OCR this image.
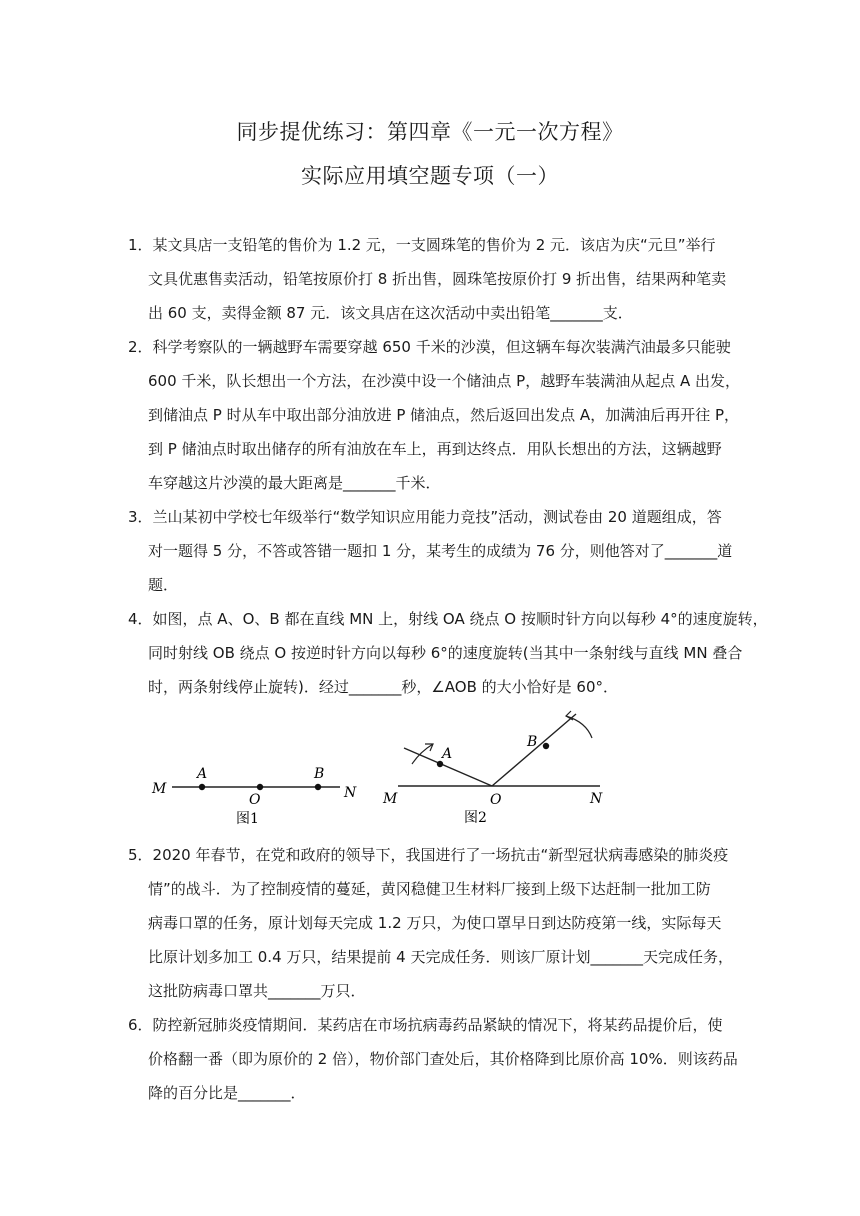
同步提优练习：第四章《一元一次方程》
实际应用填空题专项（一）
1．某文具店一支铅笔的售价为 1.2 元，一支圆珠笔的售价为 2 元．该店为庆“元旦”举行
文具优惠售卖活动，铅笔按原价打 8 折出售，圆珠笔按原价打 9 折出售，结果两种笔卖
出 60 支，卖得金额 87 元．该文具店在这次活动中卖出铅笔_______支．
2．科学考察队的一辆越野车需要穿越 650 千米的沙漠，但这辆车每次装满汽油最多只能驶
600 千米，队长想出一个方法，在沙漠中设一个储油点 P，越野车装满油从起点 A 出发，
到储油点 P 时从车中取出部分油放进 P 储油点，然后返回出发点 A，加满油后再开往 P，
到 P 储油点时取出储存的所有油放在车上，再到达终点．用队长想出的方法，这辆越野
车穿越这片沙漠的最大距离是_______千米．
3．兰山某初中学校七年级举行“数学知识应用能力竞技”活动，测试卷由 20 道题组成，答
对一题得 5 分，不答或答错一题扣 1 分，某考生的成绩为 76 分，则他答对了_______道
题．
4．如图，点 A、O、B 都在直线 MN 上，射线 OA 绕点 O 按顺时针方向以每秒 4°的速度旋转，
同时射线 OB 绕点 O 按逆时针方向以每秒 6°的速度旋转(当其中一条射线与直线 MN 叠合
时，两条射线停止旋转)．经过_______秒，∠AOB 的大小恰好是 60°．
M
A
O
B
N
图1
M
A
O
B
N
图2
5．2020 年春节，在党和政府的领导下，我国进行了一场抗击“新型冠状病毒感染的肺炎疫
情”的战斗．为了控制疫情的蔓延，黄冈稳健卫生材料厂接到上级下达赶制一批加工防
病毒口罩的任务，原计划每天完成 1.2 万只，为使口罩早日到达防疫第一线，实际每天
比原计划多加工 0.4 万只，结果提前 4 天完成任务．则该厂原计划_______天完成任务，
这批防病毒口罩共_______万只．
6．防控新冠肺炎疫情期间．某药店在市场抗病毒药品紧缺的情况下，将某药品提价后，使
价格翻一番（即为原价的 2 倍），物价部门查处后，其价格降到比原价高 10%．则该药品
降的百分比是_______．
